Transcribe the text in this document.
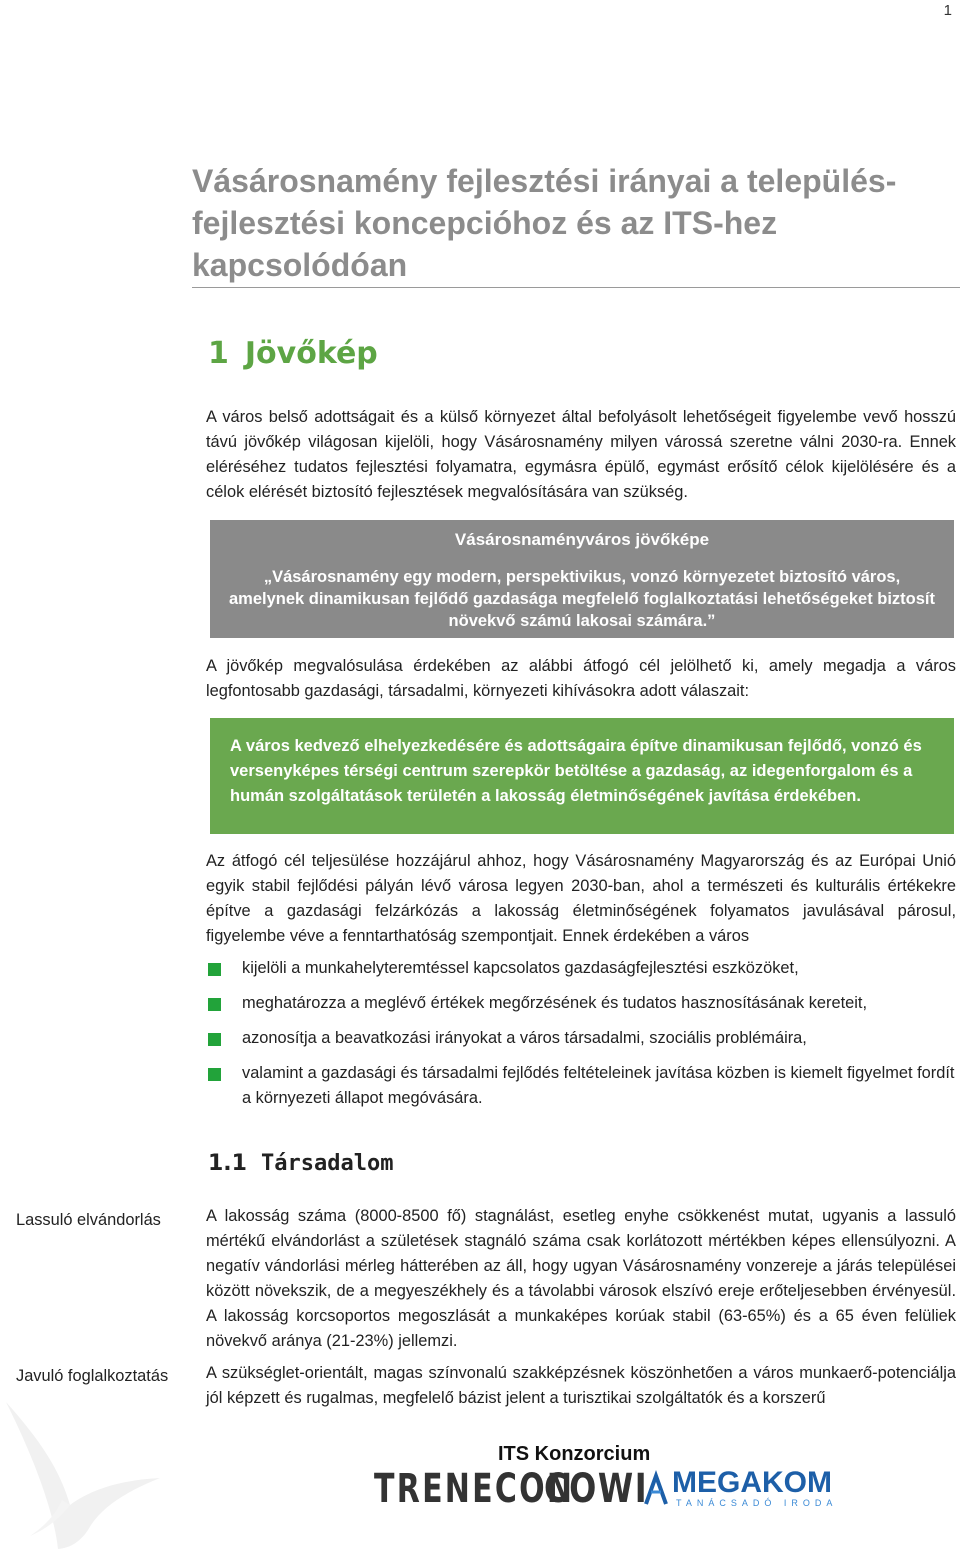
1
Vásárosnamény fejlesztési irányai a település-
fejlesztési koncepcióhoz és az ITS-hez
kapcsolódóan
1 Jövőkép
A város belső adottságait és a külső környezet által befolyásolt lehetőségeit figyelembe vevő hosszú távú jövőkép világosan kijelöli, hogy Vásárosnamény milyen várossá szeretne válni 2030-ra. Ennek eléréséhez tudatos fejlesztési folyamatra, egymásra épülő, egymást erősítő célok kijelölésére és a célok elérését biztosító fejlesztések megvalósítására van szükség.
Vásárosnaményváros jövőképe
„Vásárosnamény egy modern, perspektivikus, vonzó környezetet biztosító város, amelynek dinamikusan fejlődő gazdasága megfelelő foglalkoztatási lehetőségeket biztosít növekvő számú lakosai számára.”
A jövőkép megvalósulása érdekében az alábbi átfogó cél jelölhető ki, amely megadja a város legfontosabb gazdasági, társadalmi, környezeti kihívásokra adott válaszait:
A város kedvező elhelyezkedésére és adottságaira építve dinamikusan fejlődő, vonzó és versenyképes térségi centrum szerepkör betöltése a gazdaság, az idegenforgalom és a humán szolgáltatások területén a lakosság életminőségének javítása érdekében.
Az átfogó cél teljesülése hozzájárul ahhoz, hogy Vásárosnamény Magyarország és az Európai Unió egyik stabil fejlődési pályán lévő városa legyen 2030-ban, ahol a természeti és kulturális értékekre építve a gazdasági felzárkózás a lakosság életminőségének folyamatos javulásával párosul, figyelembe véve a fenntarthatóság szempontjait. Ennek érdekében a város
kijelöli a munkahelyteremtéssel kapcsolatos gazdaságfejlesztési eszközöket,
meghatározza a meglévő értékek megőrzésének és tudatos hasznosításának kereteit,
azonosítja a beavatkozási irányokat a város társadalmi, szociális problémáira,
valamint a gazdasági és társadalmi fejlődés feltételeinek javítása közben is kiemelt figyelmet fordít a környezeti állapot megóvására.
1.1 Társadalom
Lassuló elvándorlás
Javuló foglalkoztatás
A lakosság száma (8000-8500 fő) stagnálást, esetleg enyhe csökkenést mutat, ugyanis a lassuló mértékű elvándorlást a születések stagnáló száma csak korlátozott mértékben képes ellensúlyozni. A negatív vándorlási mérleg hátterében az áll, hogy ugyan Vásárosnamény vonzereje a járás települései között növekszik, de a megyeszékhely és a távolabbi városok elszívó ereje erőteljesebben érvényesül. A lakosság korcsoportos megoszlását a munkaképes korúak stabil (63-65%) és a 65 éven felüliek növekvő aránya (21-23%) jellemzi.
A szükséglet-orientált, magas színvonalú szakképzésnek köszönhetően a város munkaerő-potenciálja jól képzett és rugalmas, megfelelő bázist jelent a turisztikai szolgáltatók és a korszerű
ITS Konzorcium
TRENECON
COWI MEGAKOM
TANÁCSADÓ IRODA
